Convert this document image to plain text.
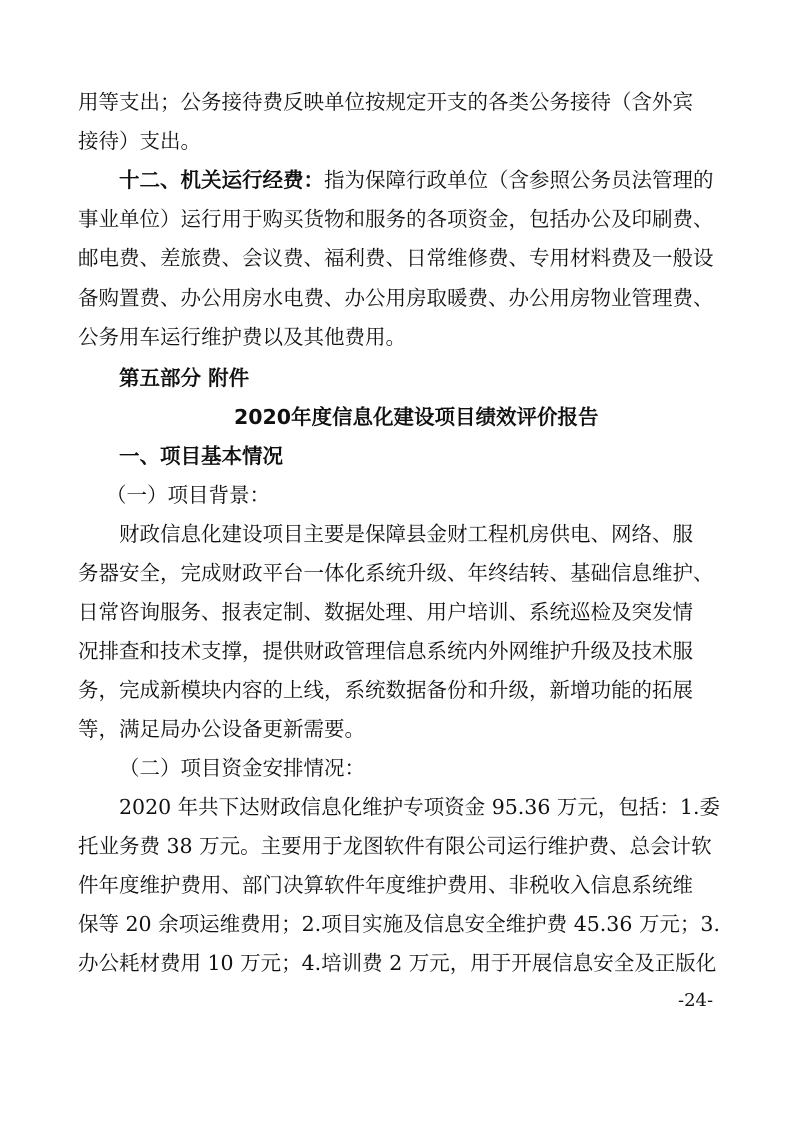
用等支出；公务接待费反映单位按规定开支的各类公务接待（含外宾
接待）支出。
十二、机关运行经费：指为保障行政单位（含参照公务员法管理的
事业单位）运行用于购买货物和服务的各项资金，包括办公及印刷费、
邮电费、差旅费、会议费、福利费、日常维修费、专用材料费及一般设
备购置费、办公用房水电费、办公用房取暖费、办公用房物业管理费、
公务用车运行维护费以及其他费用。
第五部分 附件
2020年度信息化建设项目绩效评价报告
一、项目基本情况
（一）项目背景：
财政信息化建设项目主要是保障县金财工程机房供电、网络、服
务器安全，完成财政平台一体化系统升级、年终结转、基础信息维护、
日常咨询服务、报表定制、数据处理、用户培训、系统巡检及突发情
况排查和技术支撑，提供财政管理信息系统内外网维护升级及技术服
务，完成新模块内容的上线，系统数据备份和升级，新增功能的拓展
等，满足局办公设备更新需要。
（二）项目资金安排情况：
2020 年共下达财政信息化维护专项资金 95.36 万元，包括：1.委
托业务费 38 万元。主要用于龙图软件有限公司运行维护费、总会计软
件年度维护费用、部门决算软件年度维护费用、非税收入信息系统维
保等 20 余项运维费用；2.项目实施及信息安全维护费 45.36 万元；3.
办公耗材费用 10 万元；4.培训费 2 万元，用于开展信息安全及正版化
-24-
